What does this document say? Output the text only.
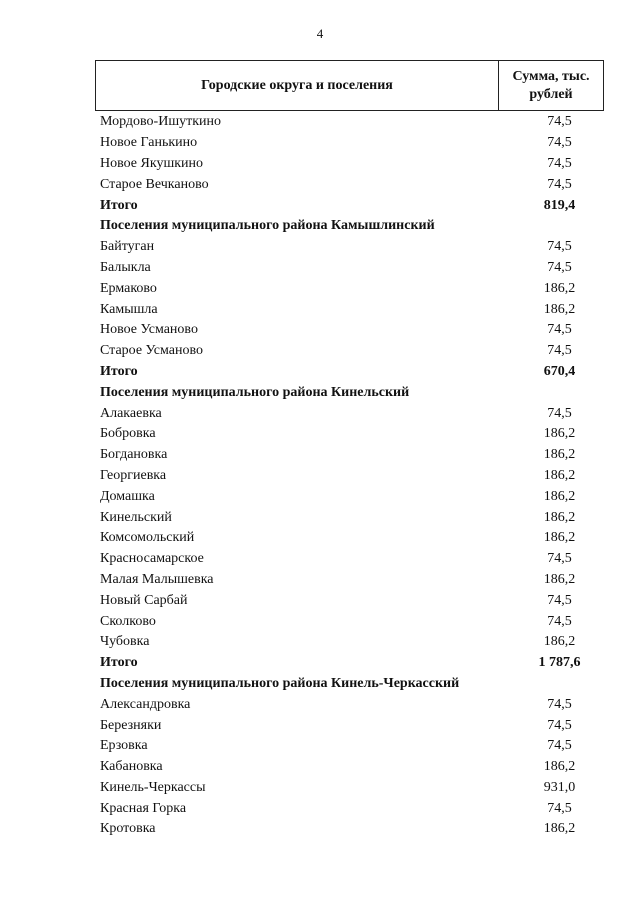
4
Городские округа и поселения
Сумма, тыс. рублей
Мордово-Ишуткино	74,5
Новое Ганькино	74,5
Новое Якушкино	74,5
Старое Вечканово	74,5
Итого	819,4
Поселения муниципального района Камышлинский
Байтуган	74,5
Балыкла	74,5
Ермаково	186,2
Камышла	186,2
Новое Усманово	74,5
Старое Усманово	74,5
Итого	670,4
Поселения муниципального района Кинельский
Алакаевка	74,5
Бобровка	186,2
Богдановка	186,2
Георгиевка	186,2
Домашка	186,2
Кинельский	186,2
Комсомольский	186,2
Красносамарское	74,5
Малая Малышевка	186,2
Новый Сарбай	74,5
Сколково	74,5
Чубовка	186,2
Итого	1 787,6
Поселения муниципального района Кинель-Черкасский
Александровка	74,5
Березняки	74,5
Ерзовка	74,5
Кабановка	186,2
Кинель-Черкассы	931,0
Красная Горка	74,5
Кротовка	186,2
